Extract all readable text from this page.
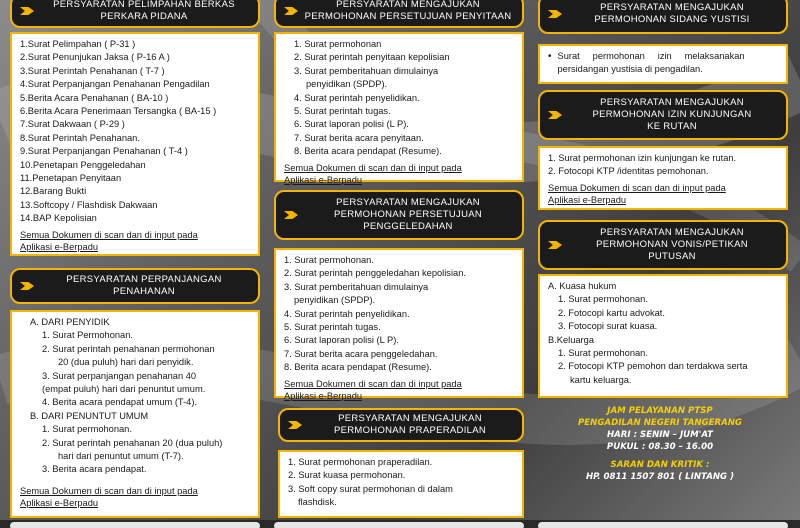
PERSYARATAN PELIMPAHAN BERKAS
PERKARA PIDANA
1.Surat Pelimpahan ( P-31 )
2.Surat Penunjukan Jaksa ( P-16 A )
3.Surat Perintah Penahanan ( T-7 )
4.Surat Perpanjangan Penahanan Pengadilan
5.Berita Acara Penahanan ( BA-10 )
6.Berita Acara Penerimaan Tersangka ( BA-15 )
7.Surat Dakwaan ( P-29 )
8.Surat Perintah Penahanan.
9.Surat Perpanjangan Penahanan ( T-4 )
10.Penetapan Penggeledahan
11.Penetapan Penyitaan
12.Barang Bukti
13.Softcopy / Flashdisk Dakwaan
14.BAP Kepolisian
Semua Dokumen di scan dan di input pada
Aplikasi e-Berpadu
PERSYARATAN PERPANJANGAN
PENAHANAN
A. DARI PENYIDIK
1. Surat Permohonan.
2. Surat perintah penahanan permohonan
20 (dua puluh) hari dari penyidik.
3. Surat perpanjangan penahanan 40
(empat puluh) hari dari penuntut umum.
4. Berita acara pendapat umum (T-4).
B. DARI PENUNTUT UMUM
1. Surat permohonan.
2. Surat perintah penahanan 20 (dua puluh)
hari dari penuntut umum (T-7).
3. Berita acara pendapat.
Semua Dokumen di scan dan di input pada
Aplikasi e-Berpadu
PERSYARATAN MENGAJUKAN
PERMOHONAN PERSETUJUAN PENYITAAN
1. Surat permohonan
2. Surat perintah penyitaan kepolisian
3. Surat pemberitahuan dimulainya
penyidikan (SPDP).
4. Surat perintah penyelidikan.
5. Surat perintah tugas.
6. Surat laporan polisi (L P).
7. Surat berita acara penyitaan.
8. Berita acara pendapat (Resume).
Semua Dokumen di scan dan di input pada
Aplikasi e-Berpadu
PERSYARATAN MENGAJUKAN
PERMOHONAN PERSETUJUAN
PENGGELEDAHAN
1. Surat permohonan.
2. Surat perintah penggeledahan kepolisian.
3. Surat pemberitahuan dimulainya
penyidikan (SPDP).
4. Surat perintah penyelidikan.
5. Surat perintah tugas.
6. Surat laporan polisi (L P).
7. Surat berita acara penggeledahan.
8. Berita acara pendapat (Resume).
Semua Dokumen di scan dan di input pada
Aplikasi e-Berpadu
PERSYARATAN MENGAJUKAN
PERMOHONAN PRAPERADILAN
1. Surat permohonan praperadilan.
2. Surat kuasa permohonan.
3. Soft copy surat permohonan di dalam
flashdisk.
PERSYARATAN MENGAJUKAN
PERMOHONAN SIDANG YUSTISI
• Surat     permohonan     izin     melaksanakan
persidangan yustisia di pengadilan.
PERSYARATAN MENGAJUKAN
PERMOHONAN IZIN KUNJUNGAN
KE RUTAN
1. Surat permohonan izin kunjungan ke rutan.
2. Fotocopi KTP /identitas pemohonan.
Semua Dokumen di scan dan di input pada
Aplikasi e-Berpadu
PERSYARATAN MENGAJUKAN
PERMOHONAN VONIS/PETIKAN
PUTUSAN
A. Kuasa hukum
1. Surat permohonan.
2. Fotocopi kartu advokat.
3. Fotocopi surat kuasa.
B.Keluarga
1. Surat permohonan.
2. Fotocopi KTP pemohon dan terdakwa serta
kartu keluarga.
JAM PELAYANAN PTSP
PENGADILAN NEGERI TANGERANG
HARI : SENIN – JUM'AT
PUKUL : 08.30 – 16.00
SARAN DAN KRITIK :
HP. 0811 1507 801 ( LINTANG )
